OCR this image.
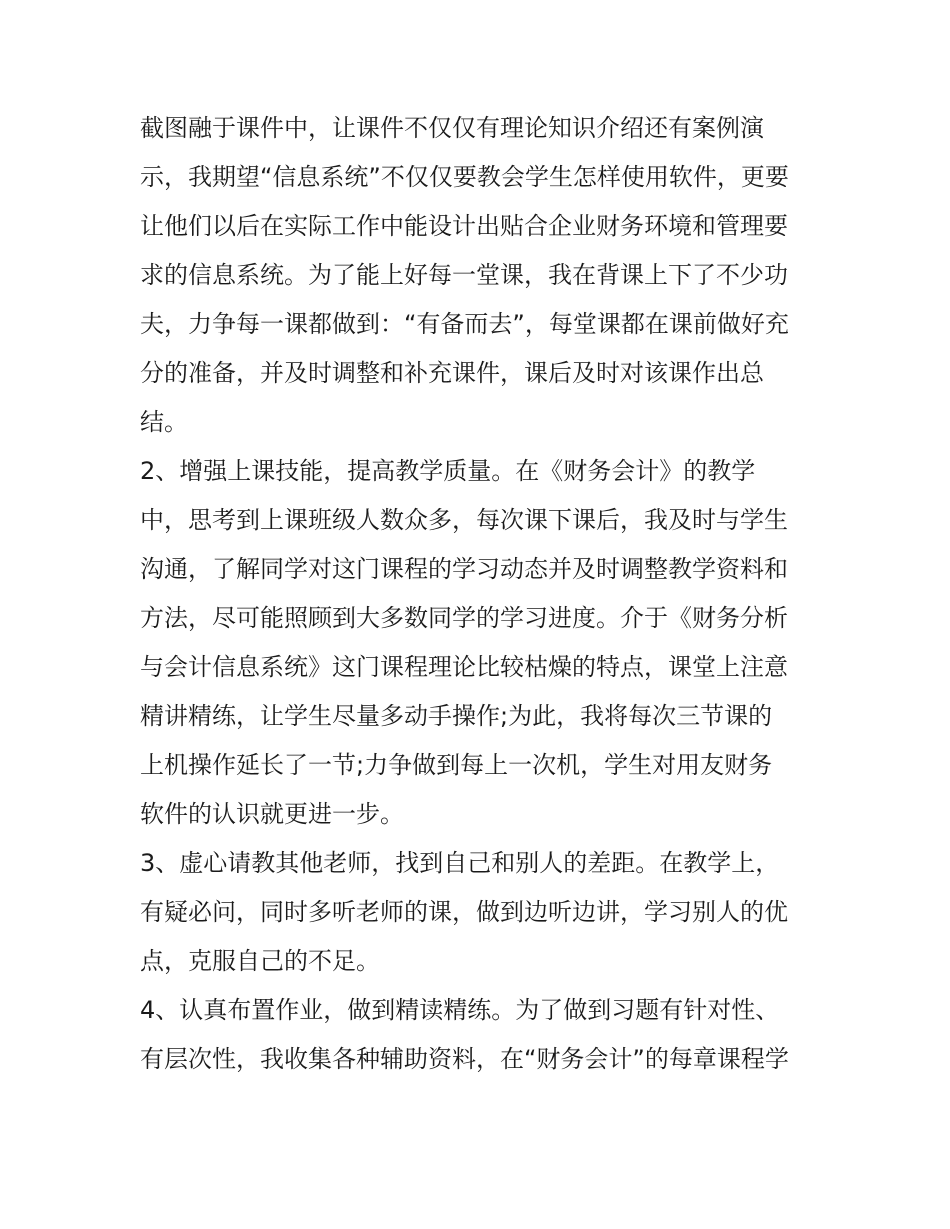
截图融于课件中，让课件不仅仅有理论知识介绍还有案例演
示，我期望“信息系统”不仅仅要教会学生怎样使用软件，更要
让他们以后在实际工作中能设计出贴合企业财务环境和管理要
求的信息系统。为了能上好每一堂课，我在背课上下了不少功
夫，力争每一课都做到：“有备而去”，每堂课都在课前做好充
分的准备，并及时调整和补充课件，课后及时对该课作出总
结。
2、增强上课技能，提高教学质量。在《财务会计》的教学
中，思考到上课班级人数众多，每次课下课后，我及时与学生
沟通，了解同学对这门课程的学习动态并及时调整教学资料和
方法，尽可能照顾到大多数同学的学习进度。介于《财务分析
与会计信息系统》这门课程理论比较枯燥的特点，课堂上注意
精讲精练，让学生尽量多动手操作;为此，我将每次三节课的
上机操作延长了一节;力争做到每上一次机，学生对用友财务
软件的认识就更进一步。
3、虚心请教其他老师，找到自己和别人的差距。在教学上，
有疑必问，同时多听老师的课，做到边听边讲，学习别人的优
点，克服自己的不足。
4、认真布置作业，做到精读精练。为了做到习题有针对性、
有层次性，我收集各种辅助资料，在“财务会计”的每章课程学
